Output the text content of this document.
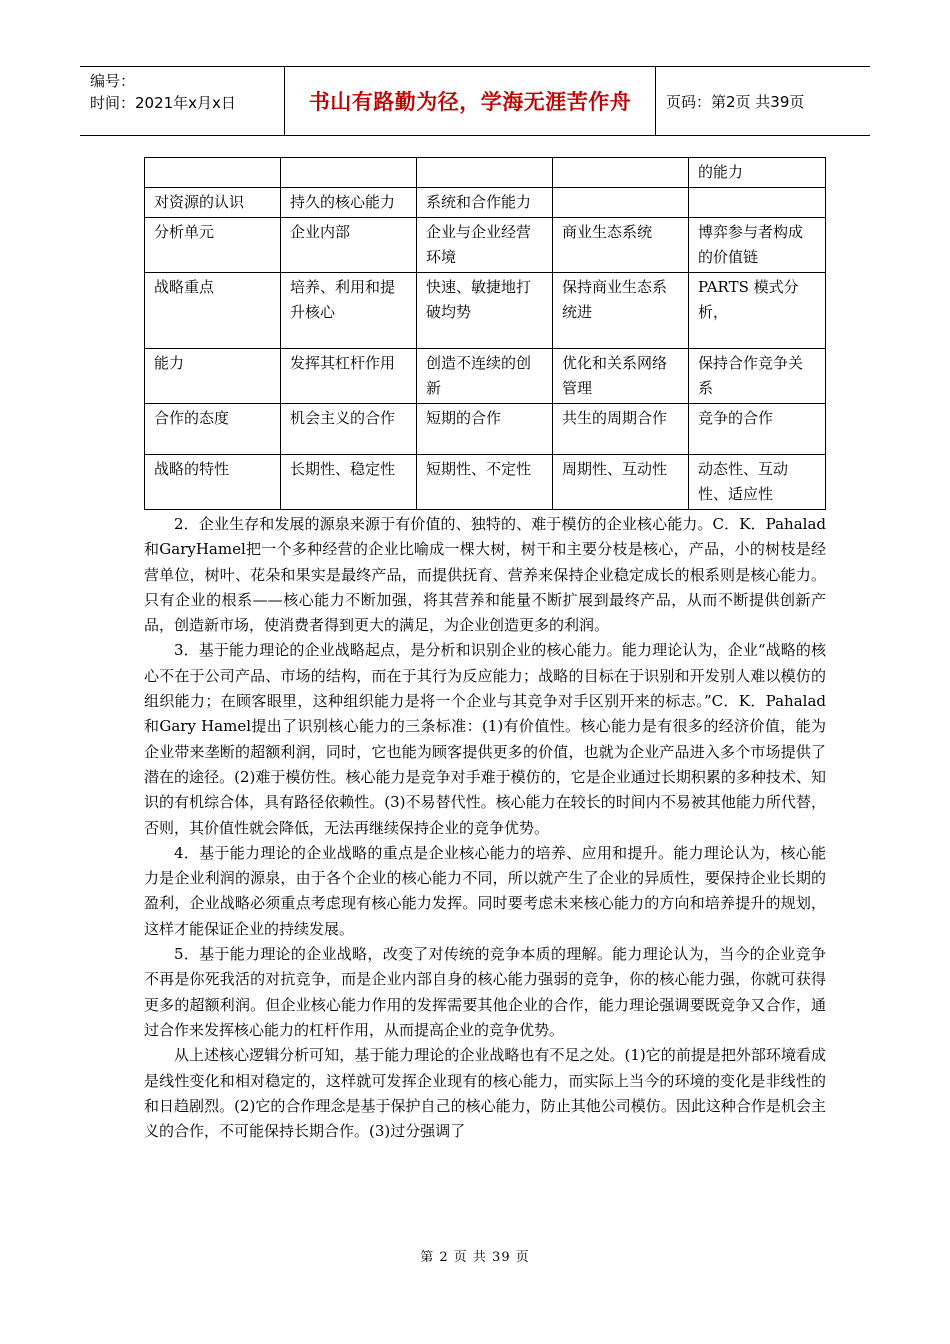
编号：
时间：2021年x月x日	书山有路勤为径，学海无涯苦作舟	页码：第2页 共39页
				的能力
对资源的认识	持久的核心能力	系统和合作能力		
分析单元	企业内部	企业与企业经营环境	商业生态系统	博弈参与者构成的价值链
战略重点	培养、利用和提升核心	快速、敏捷地打破均势	保持商业生态系统进	PARTS 模式分析，
能力	发挥其杠杆作用	创造不连续的创新	优化和关系网络管理	保持合作竞争关系
合作的态度	机会主义的合作	短期的合作	共生的周期合作	竞争的合作
战略的特性	长期性、稳定性	短期性、不定性	周期性、互动性	动态性、互动性、适应性

2．企业生存和发展的源泉来源于有价值的、独特的、难于模仿的企业核心能力。C．K．Pahalad和GaryHamel把一个多种经营的企业比喻成一棵大树，树干和主要分枝是核心，产品，小的树枝是经营单位，树叶、花朵和果实是最终产品，而提供抚育、营养来保持企业稳定成长的根系则是核心能力。只有企业的根系——核心能力不断加强，将其营养和能量不断扩展到最终产品，从而不断提供创新产品，创造新市场，使消费者得到更大的满足，为企业创造更多的利润。

3．基于能力理论的企业战略起点，是分析和识别企业的核心能力。能力理论认为，企业“战略的核心不在于公司产品、市场的结构，而在于其行为反应能力；战略的目标在于识别和开发别人难以模仿的组织能力；在顾客眼里，这种组织能力是将一个企业与其竞争对手区别开来的标志。”C．K．Pahalad和Gary Hamel提出了识别核心能力的三条标准：(1)有价值性。核心能力是有很多的经济价值，能为企业带来垄断的超额利润，同时，它也能为顾客提供更多的价值，也就为企业产品进入多个市场提供了潜在的途径。(2)难于模仿性。核心能力是竞争对手难于模仿的，它是企业通过长期积累的多种技术、知识的有机综合体，具有路径依赖性。(3)不易替代性。核心能力在较长的时间内不易被其他能力所代替，否则，其价值性就会降低，无法再继续保持企业的竞争优势。

4．基于能力理论的企业战略的重点是企业核心能力的培养、应用和提升。能力理论认为，核心能力是企业利润的源泉，由于各个企业的核心能力不同，所以就产生了企业的异质性，要保持企业长期的盈利，企业战略必须重点考虑现有核心能力发挥。同时要考虑未来核心能力的方向和培养提升的规划，这样才能保证企业的持续发展。

5．基于能力理论的企业战略，改变了对传统的竞争本质的理解。能力理论认为，当今的企业竞争不再是你死我活的对抗竞争，而是企业内部自身的核心能力强弱的竞争，你的核心能力强，你就可获得更多的超额利润。但企业核心能力作用的发挥需要其他企业的合作，能力理论强调要既竞争又合作，通过合作来发挥核心能力的杠杆作用，从而提高企业的竞争优势。

从上述核心逻辑分析可知，基于能力理论的企业战略也有不足之处。(1)它的前提是把外部环境看成是线性变化和相对稳定的，这样就可发挥企业现有的核心能力，而实际上当今的环境的变化是非线性的和日趋剧烈。(2)它的合作理念是基于保护自己的核心能力，防止其他公司模仿。因此这种合作是机会主义的合作，不可能保持长期合作。(3)过分强调了

第 2 页 共 39 页
